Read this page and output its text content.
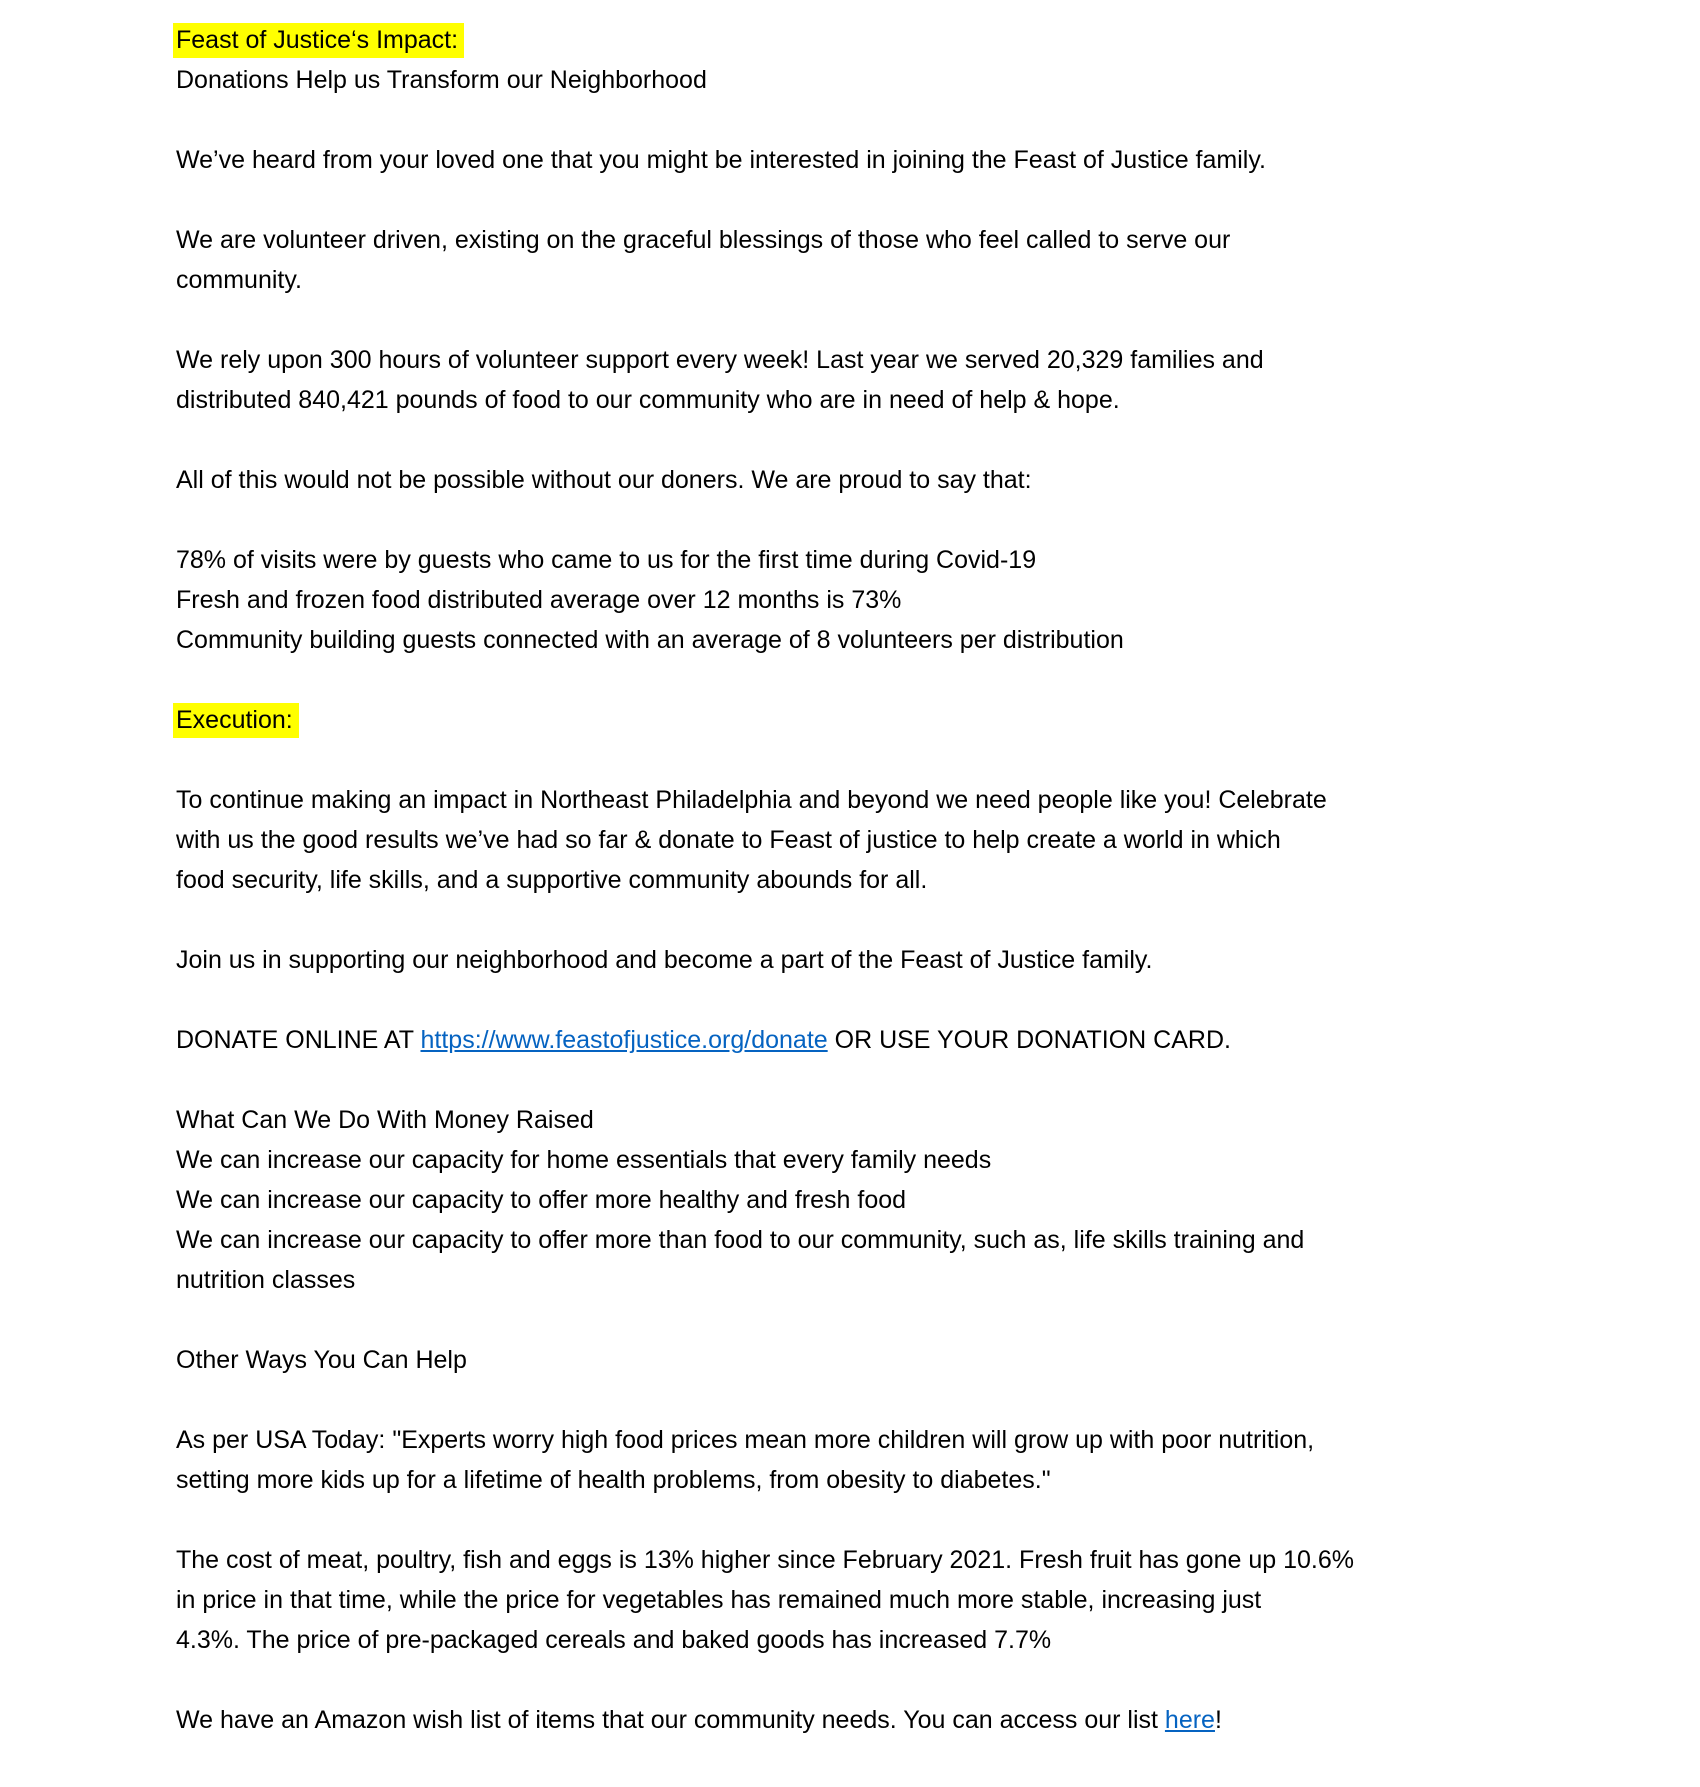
Feast of Justice‘s Impact:

Donations Help us Transform our Neighborhood

We’ve heard from your loved one that you might be interested in joining the Feast of Justice family.

We are volunteer driven, existing on the graceful blessings of those who feel called to serve our
community.
We rely upon 300 hours of volunteer support every week! Last year we served 20,329 families and
distributed 840,421 pounds of food to our community who are in need of help & hope.

All of this would not be possible without our doners. We are proud to say that:

78% of visits were by guests who came to us for the first time during Covid-19

Fresh and frozen food distributed average over 12 months is 73%

Community building guests connected with an average of 8 volunteers per distribution

Execution:

To continue making an impact in Northeast Philadelphia and beyond we need people like you! Celebrate
with us the good results we’ve had so far & donate to Feast of justice to help create a world in which
food security, life skills, and a supportive community abounds for all.

Join us in supporting our neighborhood and become a part of the Feast of Justice family.

DONATE ONLINE AT https://www.feastofjustice.org/donate OR USE YOUR DONATION CARD.

What Can We Do With Money Raised

We can increase our capacity for home essentials that every family needs

We can increase our capacity to offer more healthy and fresh food

We can increase our capacity to offer more than food to our community, such as, life skills training and
nutrition classes

Other Ways You Can Help

As per USA Today: "Experts worry high food prices mean more children will grow up with poor nutrition,
setting more kids up for a lifetime of health problems, from obesity to diabetes."
The cost of meat, poultry, fish and eggs is 13% higher since February 2021. Fresh fruit has gone up 10.6%
in price in that time, while the price for vegetables has remained much more stable, increasing just
4.3%. The price of pre-packaged cereals and baked goods has increased 7.7%

We have an Amazon wish list of items that our community needs. You can access our list here!
